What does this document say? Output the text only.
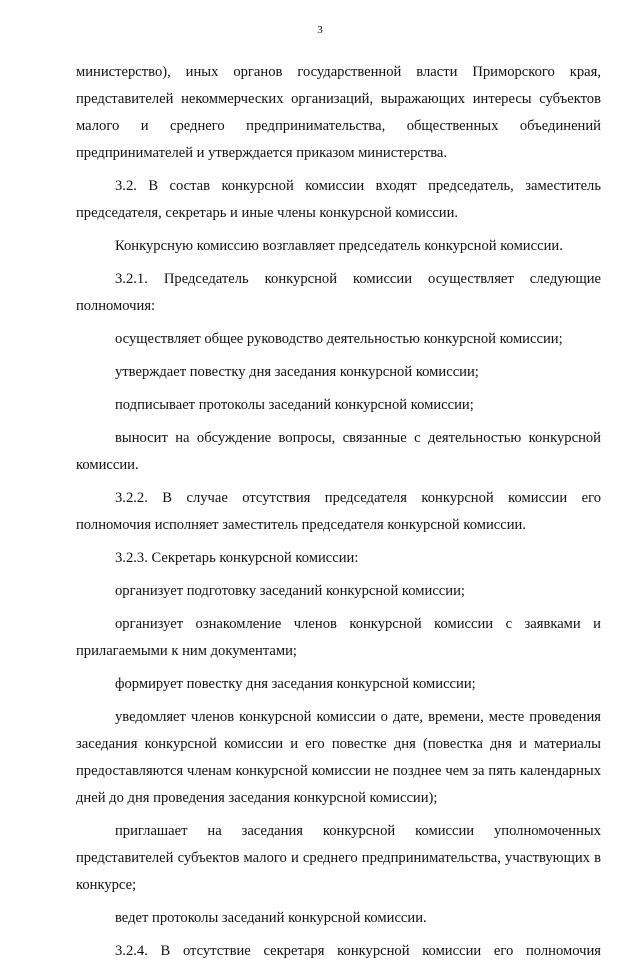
3

министерство), иных органов государственной власти Приморского края, представителей некоммерческих организаций, выражающих интересы субъектов малого и среднего предпринимательства, общественных объединений предпринимателей и утверждается приказом министерства.

3.2. В состав конкурсной комиссии входят председатель, заместитель председателя, секретарь и иные члены конкурсной комиссии.

Конкурсную комиссию возглавляет председатель конкурсной комиссии.

3.2.1. Председатель конкурсной комиссии осуществляет следующие полномочия:

осуществляет общее руководство деятельностью конкурсной комиссии;

утверждает повестку дня заседания конкурсной комиссии;

подписывает протоколы заседаний конкурсной комиссии;

выносит на обсуждение вопросы, связанные с деятельностью конкурсной комиссии.

3.2.2. В случае отсутствия председателя конкурсной комиссии его полномочия исполняет заместитель председателя конкурсной комиссии.

3.2.3. Секретарь конкурсной комиссии:

организует подготовку заседаний конкурсной комиссии;

организует ознакомление членов конкурсной комиссии с заявками и прилагаемыми к ним документами;

формирует повестку дня заседания конкурсной комиссии;

уведомляет членов конкурсной комиссии о дате, времени, месте проведения заседания конкурсной комиссии и его повестке дня (повестка дня и материалы предоставляются членам конкурсной комиссии не позднее чем за пять календарных дней до дня проведения заседания конкурсной комиссии);

приглашает на заседания конкурсной комиссии уполномоченных представителей субъектов малого и среднего предпринимательства, участвующих в конкурсе;

ведет протоколы заседаний конкурсной комиссии.

3.2.4. В отсутствие секретаря конкурсной комиссии его полномочия
